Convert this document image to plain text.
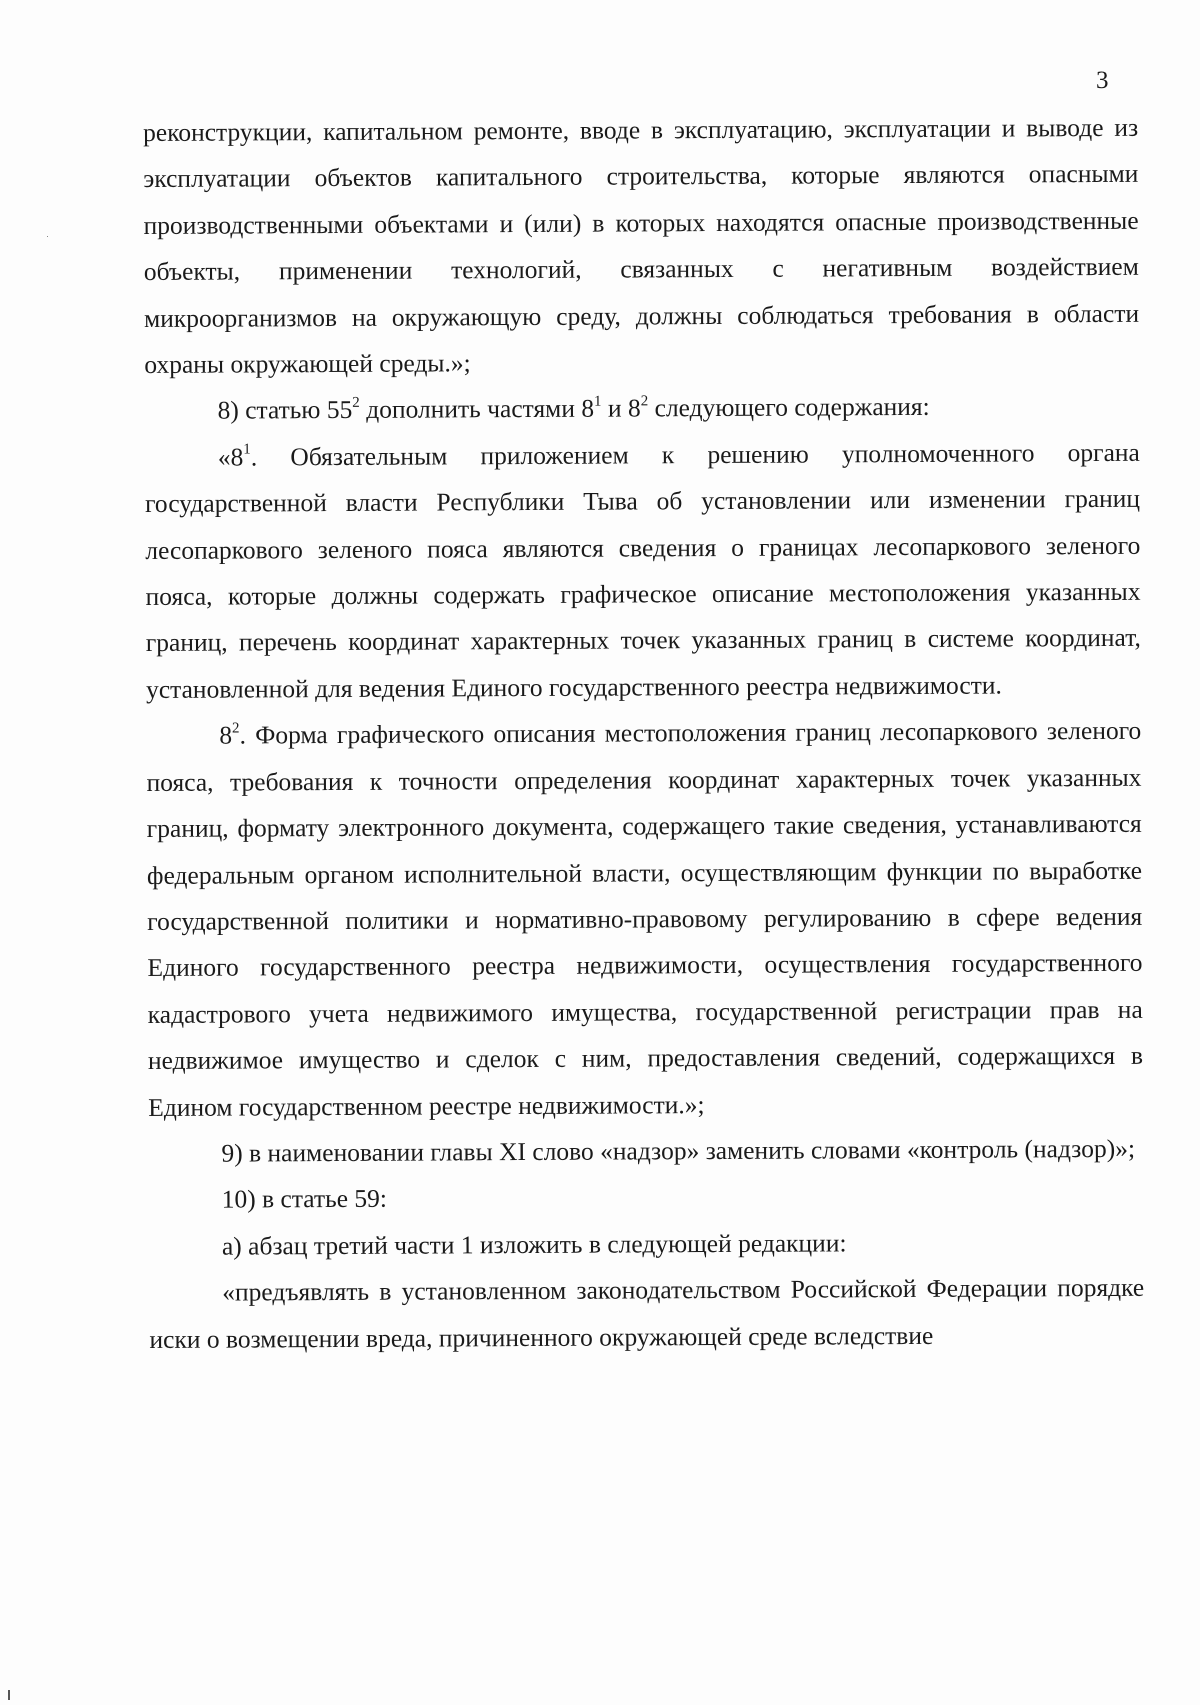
3

реконструкции, капитальном ремонте, вводе в эксплуатацию, эксплуатации и выводе из эксплуатации объектов капитального строительства, которые являются опасными производственными объектами и (или) в которых находятся опасные производственные объекты, применении технологий, связанных с негативным воздействием микроорганизмов на окружающую среду, должны соблюдаться требования в области охраны окружающей среды.»;

8) статью $55^2$ дополнить частями $8^1$ и $8^2$ следующего содержания:

«$8^1$. Обязательным приложением к решению уполномоченного органа государственной власти Республики Тыва об установлении или изменении границ лесопаркового зеленого пояса являются сведения о границах лесопаркового зеленого пояса, которые должны содержать графическое описание местоположения указанных границ, перечень координат характерных точек указанных границ в системе координат, установленной для ведения Единого государственного реестра недвижимости.

$8^2$. Форма графического описания местоположения границ лесопаркового зеленого пояса, требования к точности определения координат характерных точек указанных границ, формату электронного документа, содержащего такие сведения, устанавливаются федеральным органом исполнительной власти, осуществляющим функции по выработке государственной политики и нормативно-правовому регулированию в сфере ведения Единого государственного реестра недвижимости, осуществления государственного кадастрового учета недвижимого имущества, государственной регистрации прав на недвижимое имущество и сделок с ним, предоставления сведений, содержащихся в Едином государственном реестре недвижимости.»;

9) в наименовании главы XI слово «надзор» заменить словами «контроль (надзор)»;

10) в статье 59:

а) абзац третий части 1 изложить в следующей редакции:

«предъявлять в установленном законодательством Российской Федерации порядке иски о возмещении вреда, причиненного окружающей среде вследствие
